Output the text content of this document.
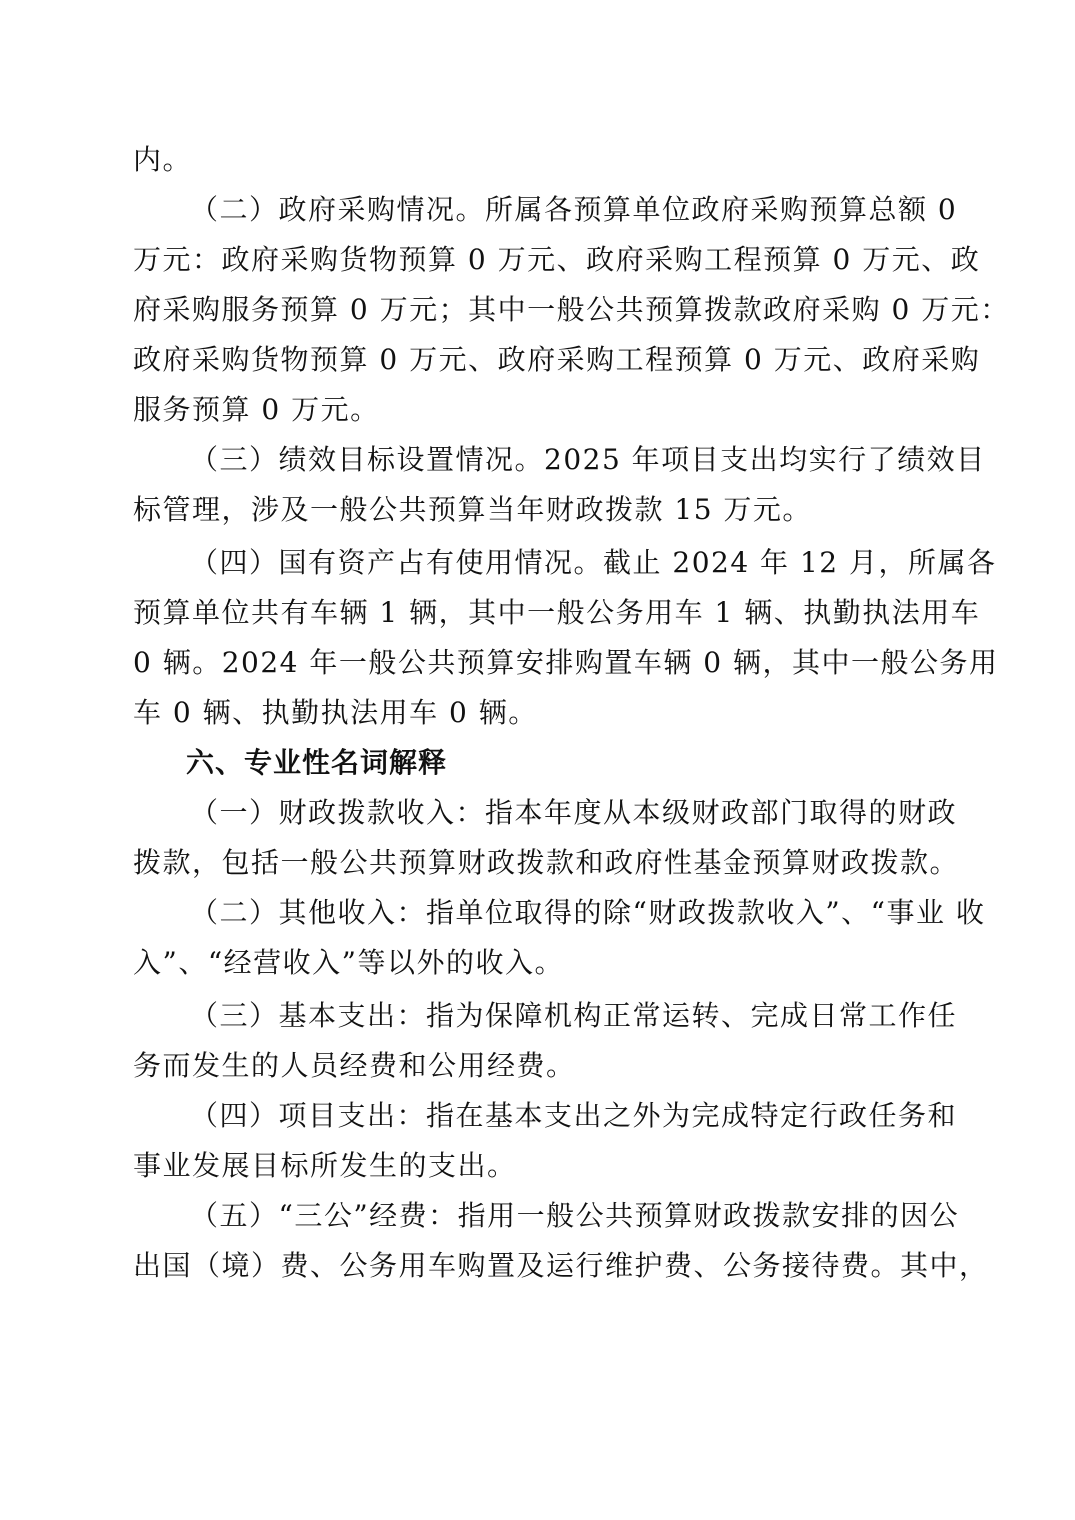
内。
（二）政府采购情况。所属各预算单位政府采购预算总额 0
万元：政府采购货物预算 0 万元、政府采购工程预算 0 万元、政
府采购服务预算 0 万元；其中一般公共预算拨款政府采购 0 万元：
政府采购货物预算 0 万元、政府采购工程预算 0 万元、政府采购
服务预算 0 万元。
（三）绩效目标设置情况。2025 年项目支出均实行了绩效目
标管理，涉及一般公共预算当年财政拨款 15 万元。
（四）国有资产占有使用情况。截止 2024 年 12 月，所属各
预算单位共有车辆 1 辆，其中一般公务用车 1 辆、执勤执法用车
0 辆。2024 年一般公共预算安排购置车辆 0 辆，其中一般公务用
车 0 辆、执勤执法用车 0 辆。
六、专业性名词解释
（一）财政拨款收入：指本年度从本级财政部门取得的财政
拨款，包括一般公共预算财政拨款和政府性基金预算财政拨款。
（二）其他收入：指单位取得的除“财政拨款收入”、“事业 收
入”、“经营收入”等以外的收入。
（三）基本支出：指为保障机构正常运转、完成日常工作任
务而发生的人员经费和公用经费。
（四）项目支出：指在基本支出之外为完成特定行政任务和
事业发展目标所发生的支出。
（五）“三公”经费：指用一般公共预算财政拨款安排的因公
出国（境）费、公务用车购置及运行维护费、公务接待费。其中，
